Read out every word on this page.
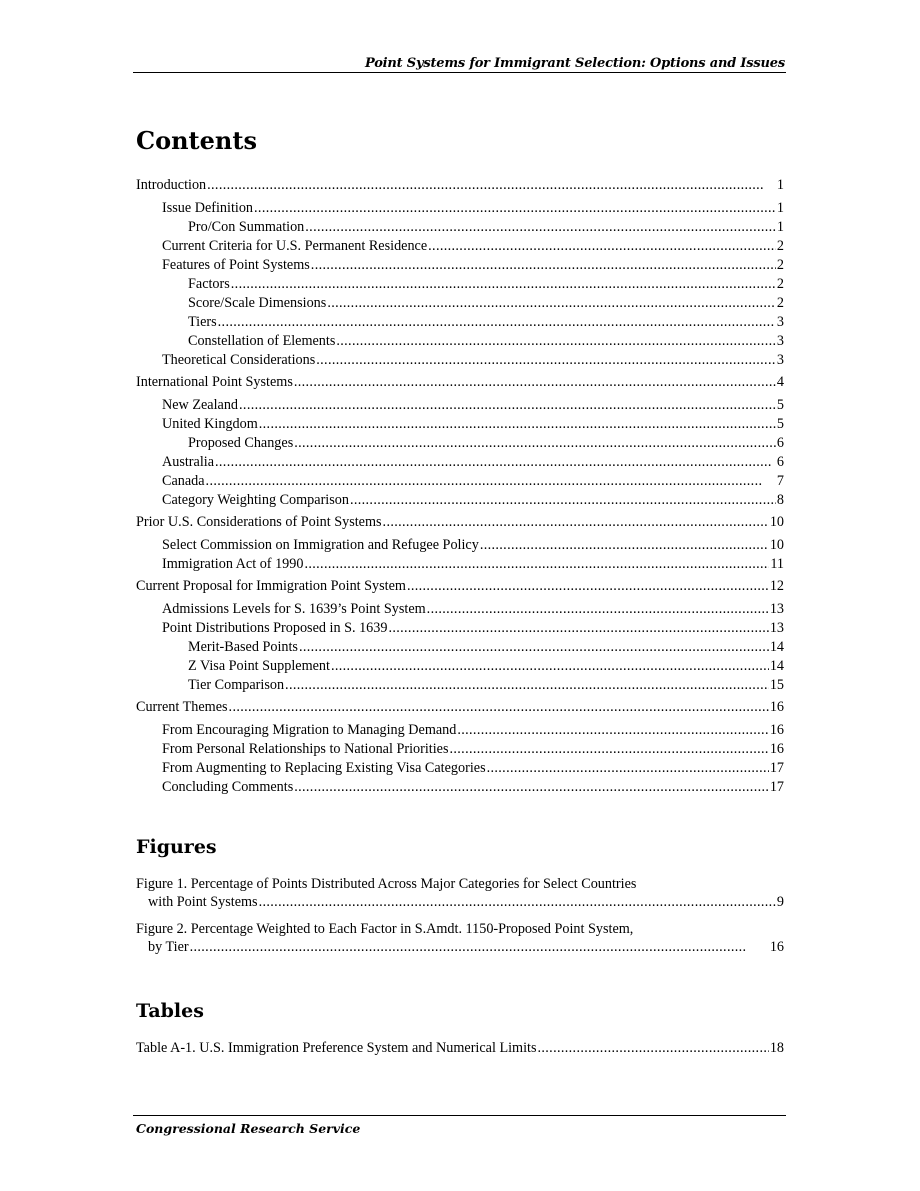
Point Systems for Immigrant Selection: Options and Issues
Contents
Introduction . . .	1
Issue Definition . . .	1
Pro/Con Summation . . .	1
Current Criteria for U.S. Permanent Residence . . .	2
Features of Point Systems . . .	2
Factors . . .	2
Score/Scale Dimensions . . .	2
Tiers . . .	3
Constellation of Elements . . .	3
Theoretical Considerations . . .	3
International Point Systems . . .	4
New Zealand . . .	5
United Kingdom . . .	5
Proposed Changes . . .	6
Australia . . .	6
Canada . . .	7
Category Weighting Comparison . . .	8
Prior U.S. Considerations of Point Systems . . .	10
Select Commission on Immigration and Refugee Policy . . .	10
Immigration Act of 1990 . . .	11
Current Proposal for Immigration Point System . . .	12
Admissions Levels for S. 1639’s Point System . . .	13
Point Distributions Proposed in S. 1639 . . .	13
Merit-Based Points . . .	14
Z Visa Point Supplement . . .	14
Tier Comparison . . .	15
Current Themes . . .	16
From Encouraging Migration to Managing Demand . . .	16
From Personal Relationships to National Priorities . . .	16
From Augmenting to Replacing Existing Visa Categories . . .	17
Concluding Comments . . .	17
Figures
Figure 1. Percentage of Points Distributed Across Major Categories for Select Countries
with Point Systems . . .	9
Figure 2. Percentage Weighted to Each Factor in S.Amdt. 1150-Proposed Point System,
by Tier . . .	16
Tables
Table A-1. U.S. Immigration Preference System and Numerical Limits . . .	18
Congressional Research Service
